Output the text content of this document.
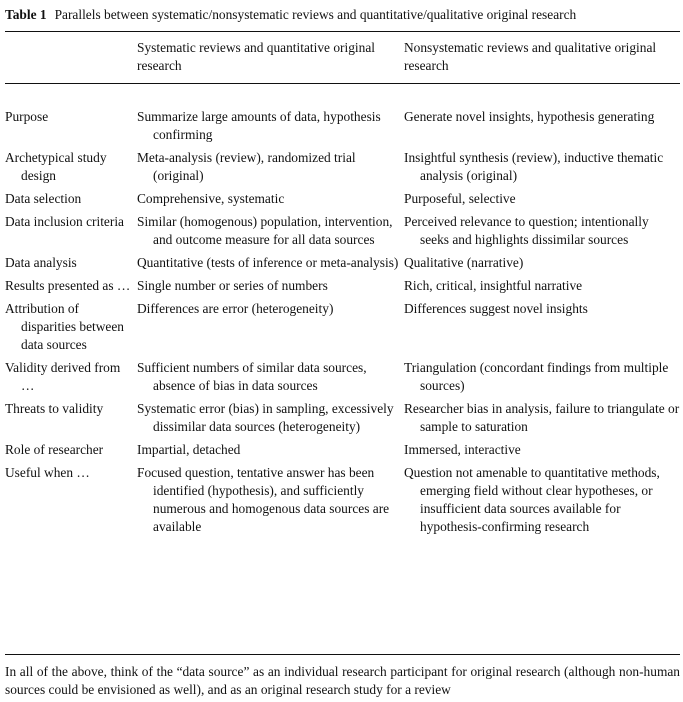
Table 1 Parallels between systematic/nonsystematic reviews and quantitative/qualitative original research
	Systematic reviews and quantitative original research	Nonsystematic reviews and qualitative original research
Purpose	Summarize large amounts of data, hypothesis confirming	Generate novel insights, hypothesis generating
Archetypical study design	Meta-analysis (review), randomized trial (original)	Insightful synthesis (review), inductive thematic analysis (original)
Data selection	Comprehensive, systematic	Purposeful, selective
Data inclusion criteria	Similar (homogenous) population, intervention, and outcome measure for all data sources	Perceived relevance to question; intentionally seeks and highlights dissimilar sources
Data analysis	Quantitative (tests of inference or meta-analysis)	Qualitative (narrative)
Results presented as …	Single number or series of numbers	Rich, critical, insightful narrative
Attribution of disparities between data sources	Differences are error (heterogeneity)	Differences suggest novel insights
Validity derived from …	Sufficient numbers of similar data sources, absence of bias in data sources	Triangulation (concordant findings from multiple sources)
Threats to validity	Systematic error (bias) in sampling, excessively dissimilar data sources (heterogeneity)	Researcher bias in analysis, failure to triangulate or sample to saturation
Role of researcher	Impartial, detached	Immersed, interactive
Useful when …	Focused question, tentative answer has been identified (hypothesis), and sufficiently numerous and homogenous data sources are available	Question not amenable to quantitative methods, emerging field without clear hypotheses, or insufficient data sources available for hypothesis-confirming research
In all of the above, think of the “data source” as an individual research participant for original research (although non-human sources could be envisioned as well), and as an original research study for a review
